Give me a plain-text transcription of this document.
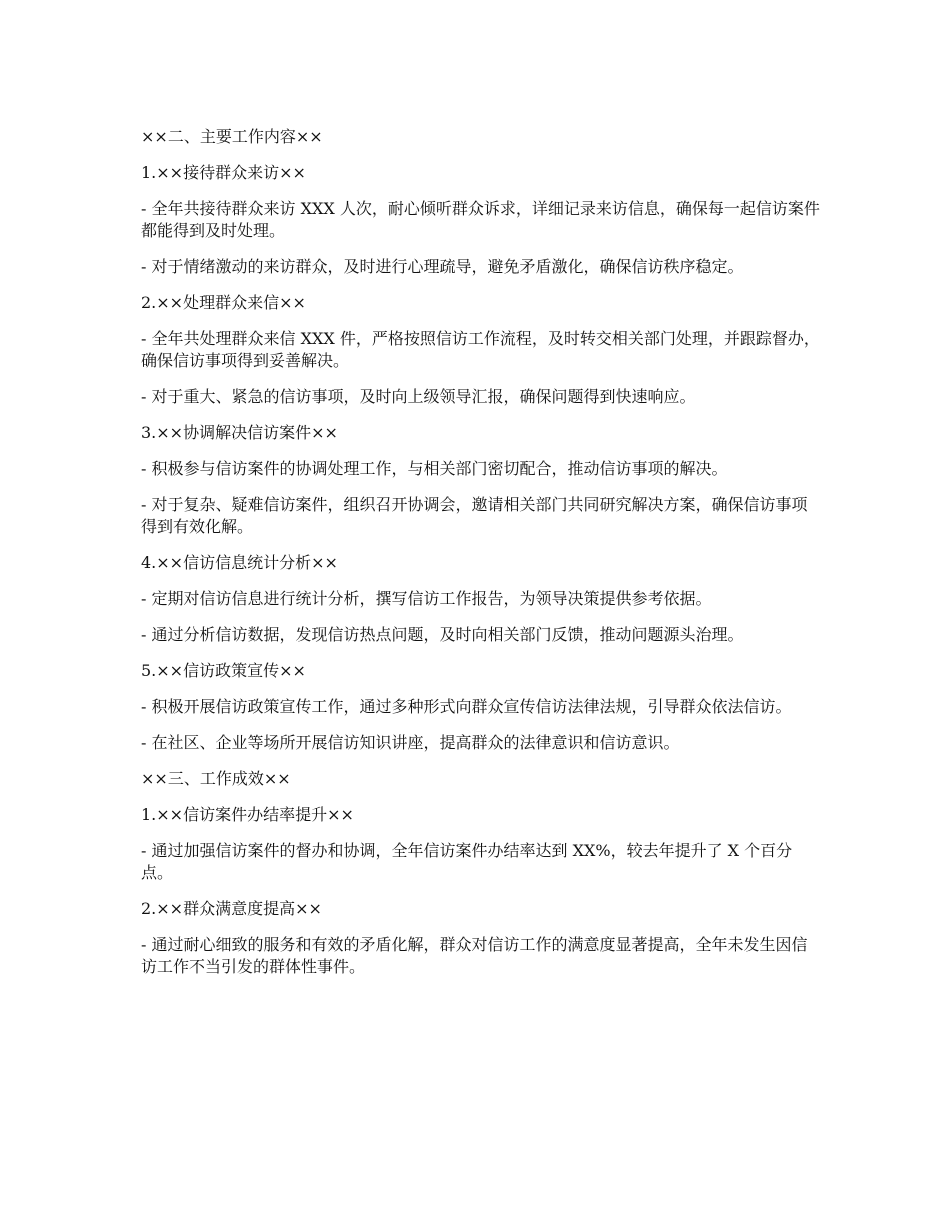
××二、主要工作内容××
1.××接待群众来访××
- 全年共接待群众来访 XXX 人次，耐心倾听群众诉求，详细记录来访信息，确保每一起信访案件都能得到及时处理。
- 对于情绪激动的来访群众，及时进行心理疏导，避免矛盾激化，确保信访秩序稳定。
2.××处理群众来信××
- 全年共处理群众来信 XXX 件，严格按照信访工作流程，及时转交相关部门处理，并跟踪督办，确保信访事项得到妥善解决。
- 对于重大、紧急的信访事项，及时向上级领导汇报，确保问题得到快速响应。
3.××协调解决信访案件××
- 积极参与信访案件的协调处理工作，与相关部门密切配合，推动信访事项的解决。
- 对于复杂、疑难信访案件，组织召开协调会，邀请相关部门共同研究解决方案，确保信访事项得到有效化解。
4.××信访信息统计分析××
- 定期对信访信息进行统计分析，撰写信访工作报告，为领导决策提供参考依据。
- 通过分析信访数据，发现信访热点问题，及时向相关部门反馈，推动问题源头治理。
5.××信访政策宣传××
- 积极开展信访政策宣传工作，通过多种形式向群众宣传信访法律法规，引导群众依法信访。
- 在社区、企业等场所开展信访知识讲座，提高群众的法律意识和信访意识。
××三、工作成效××
1.××信访案件办结率提升××
- 通过加强信访案件的督办和协调，全年信访案件办结率达到 XX%，较去年提升了 X 个百分点。
2.××群众满意度提高××
- 通过耐心细致的服务和有效的矛盾化解，群众对信访工作的满意度显著提高，全年未发生因信访工作不当引发的群体性事件。
